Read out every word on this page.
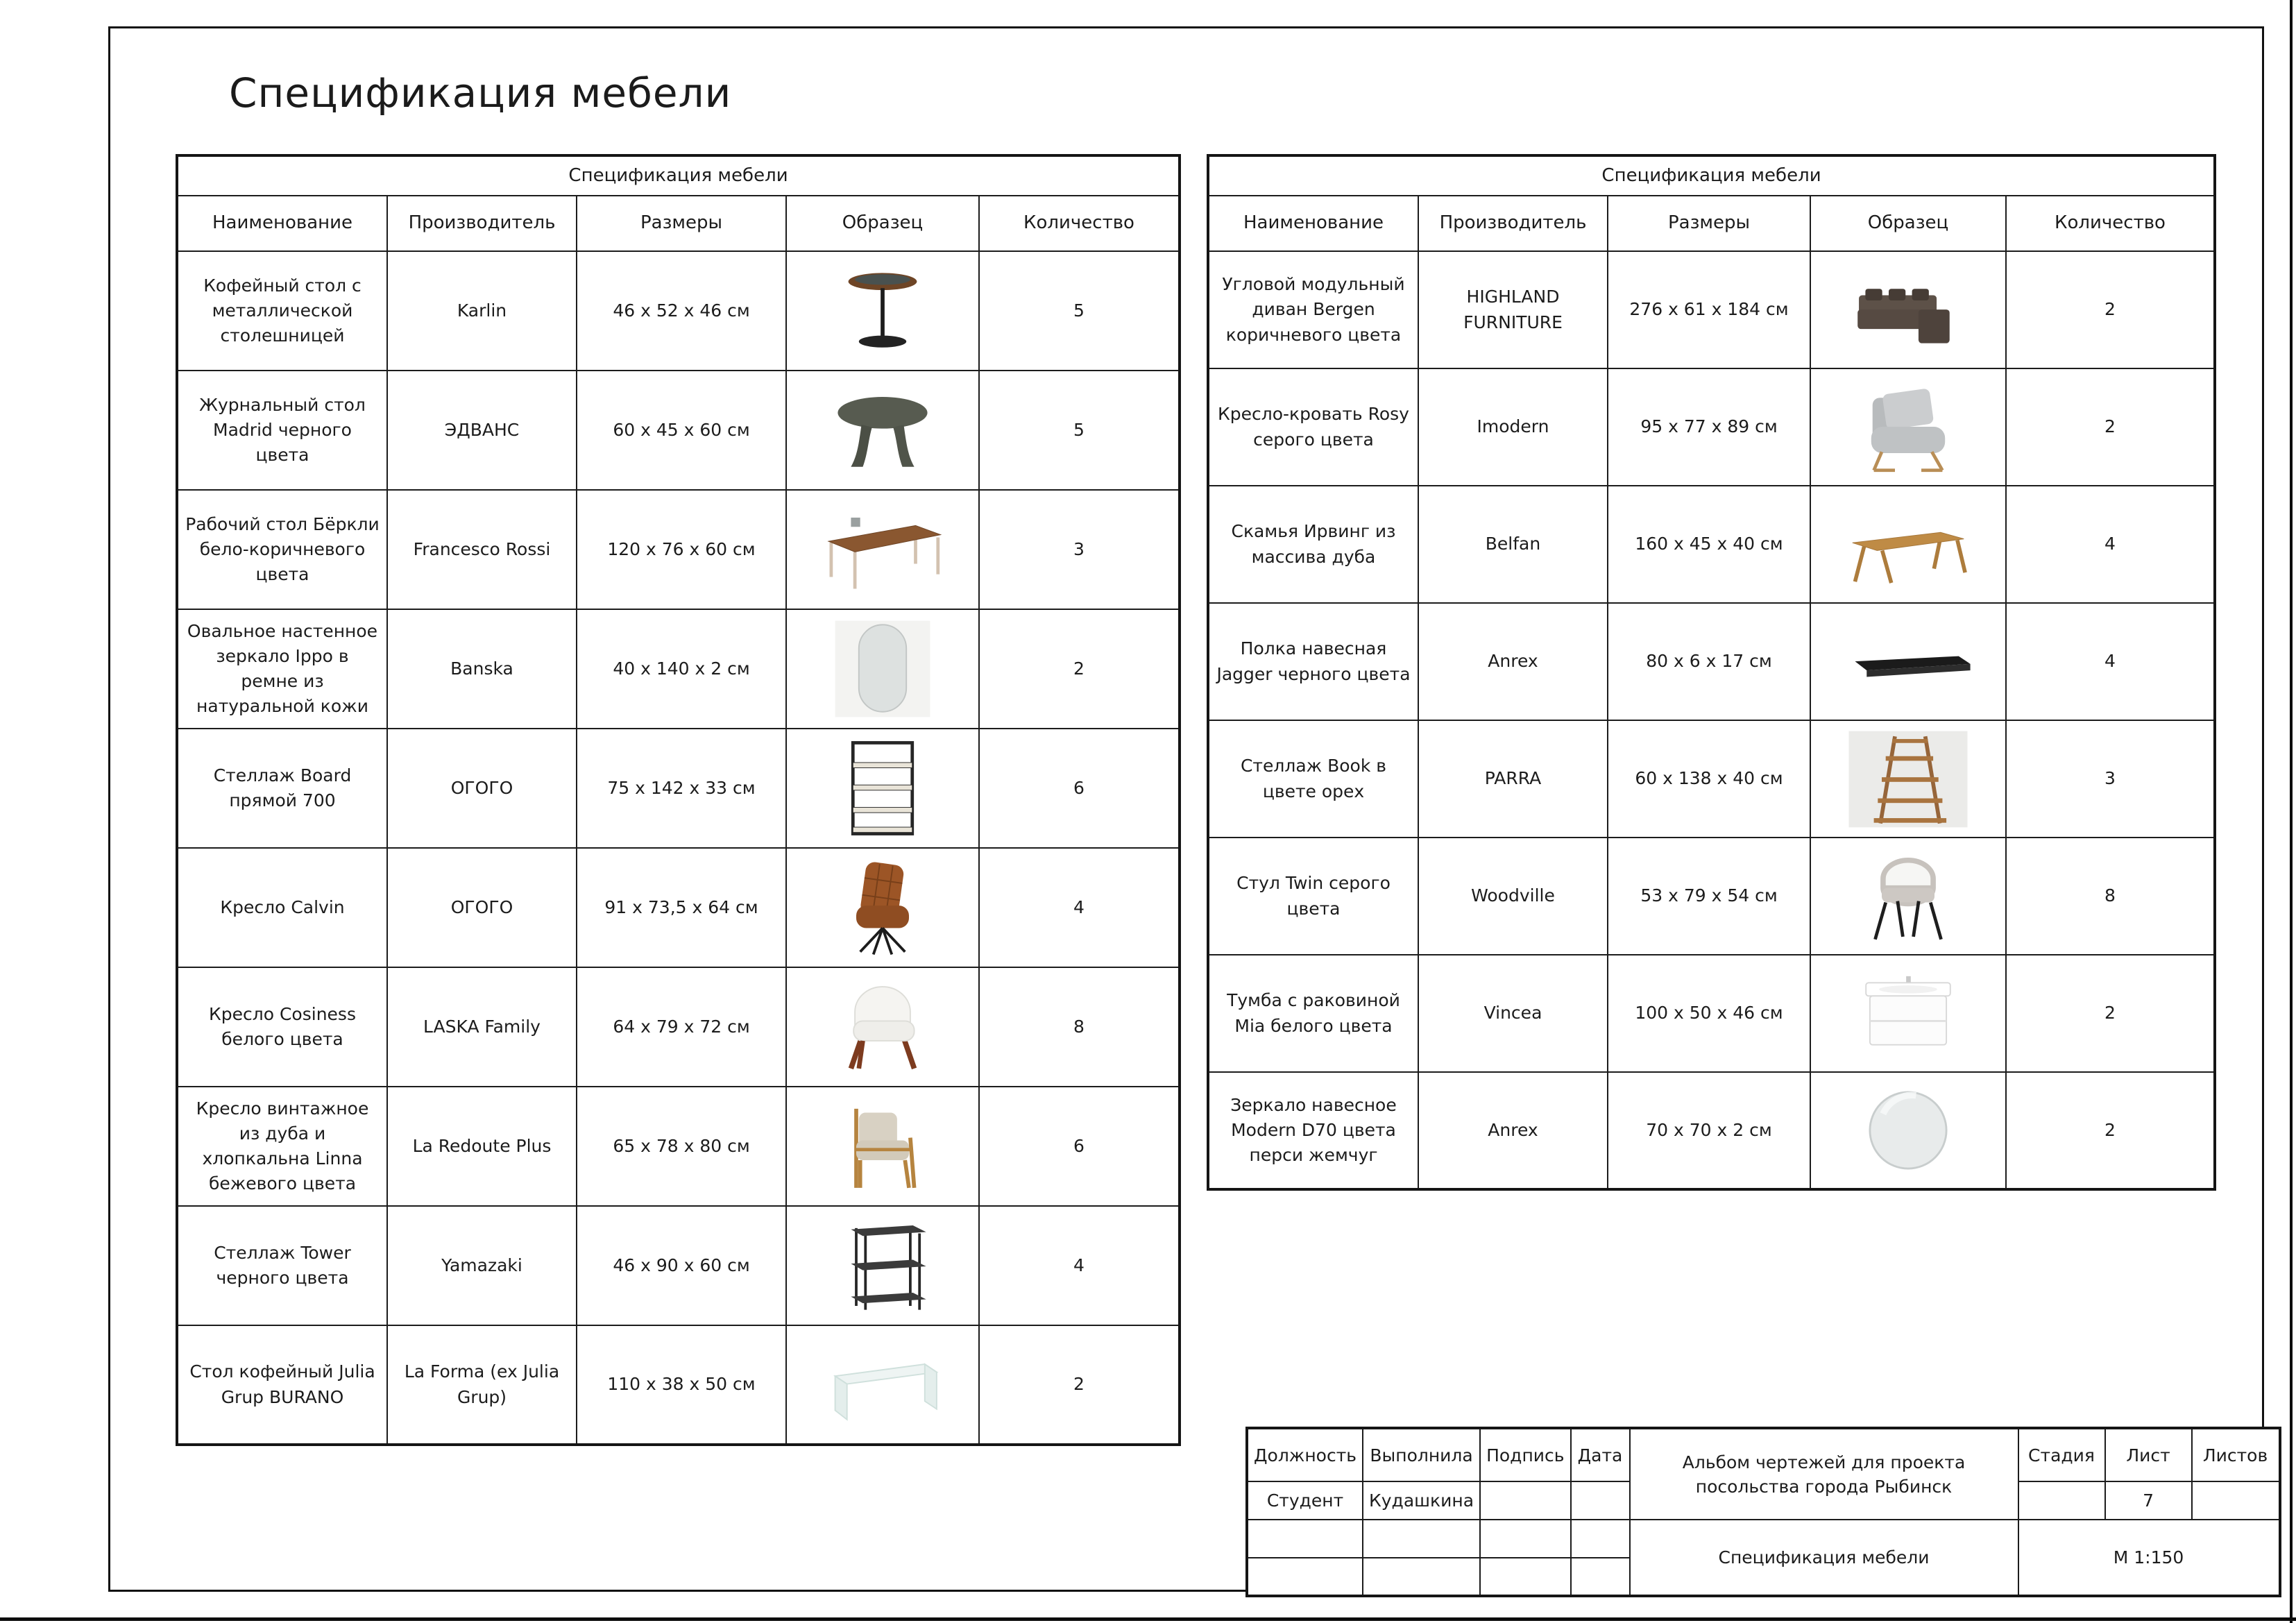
Спецификация мебели
Спецификация мебели				
Наименование	Производитель	Размеры	Образец	Количество
Кофейный стол с металлической столешницей	Karlin	46 х 52 х 46 см		5
Журнальный стол Madrid черного цвета	ЭДВАНС	60 х 45 х 60 см		5
Рабочий стол Бёркли бело-коричневого цвета	Francesco Rossi	120 х 76 х 60 см		3
Овальное настенное зеркало Ippo в ремне из натуральной кожи	Banska	40 х 140 х 2 см		2
Стеллаж Board прямой 700	ОГОГО	75 х 142 х 33 см		6
Кресло Calvin	ОГОГО	91 х 73,5 х 64 см		4
Кресло Cosiness белого цвета	LASKA Family	64 х 79 х 72 см		8
Кресло винтажное из дуба и хлопкальна Linna бежевого цвета	La Redoute Plus	65 х 78 х 80 см		6
Стеллаж Tower черного цвета	Yamazaki	46 х 90 х 60 см		4
Стол кофейный Julia Grup BURANO	La Forma (ex Julia Grup)	110 х 38 х 50 см		2
Спецификация мебели				
Наименование	Производитель	Размеры	Образец	Количество
Угловой модульный диван Bergen коричневого цвета	HIGHLAND FURNITURE	276 х 61 х 184 см		2
Кресло-кровать Rosy серого цвета	Imodern	95 х 77 х 89 см		2
Скамья Ирвинг из массива дуба	Belfan	160 х 45 х 40 см		4
Полка навесная Jagger черного цвета	Anrex	80 х 6 х 17 см		4
Стеллаж Book в цвете орех	PARRA	60 х 138 х 40 см		3
Стул Twin серого цвета	Woodville	53 х 79 х 54 см		8
Тумба с раковиной Mia белого цвета	Vincea	100 х 50 х 46 см		2
Зеркало навесное Modern D70 цвета перси жемчуг	Anrex	70 х 70 х 2 см		2
Должность	Выполнила	Подпись	Дата	Альбом чертежей для проекта посольства города Рыбинск	Стадия	Лист	Листов
Студент	Кудашкина					7	
				Спецификация мебели	М 1:150		
